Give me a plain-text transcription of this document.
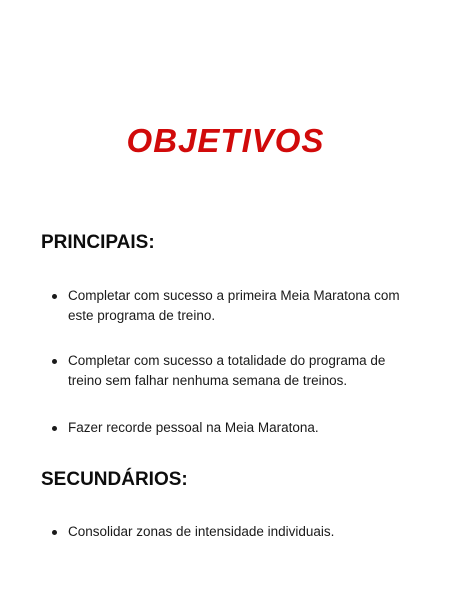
OBJETIVOS
PRINCIPAIS:
Completar com sucesso a primeira Meia Maratona com este programa de treino.
Completar com sucesso a totalidade do programa de treino sem falhar nenhuma semana de treinos.
Fazer recorde pessoal na Meia Maratona.
SECUNDÁRIOS:
Consolidar zonas de intensidade individuais.
